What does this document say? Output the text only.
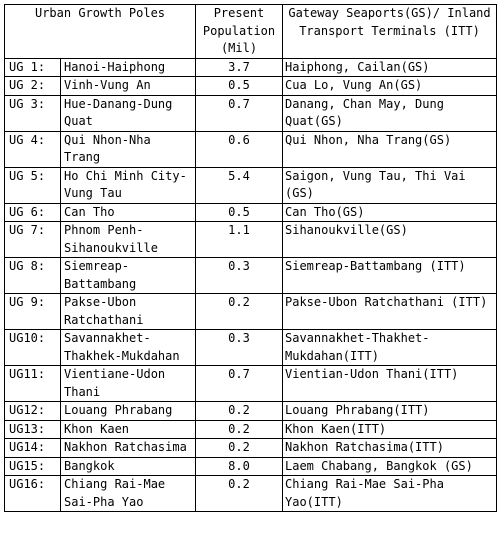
Urban Growth Poles	Present Population (Mil)	Gateway Seaports(GS)/ Inland Transport Terminals (ITT)

UG 1: Hanoi-Haiphong	3.7	Haiphong, Cailan(GS)

UG 2: Vinh-Vung An	0.5	Cua Lo, Vung An(GS)

UG 3: Hue-Danang-Dung Quat	0.7	Danang, Chan May, Dung Quat(GS)

UG 4: Qui Nhon-Nha Trang	0.6	Qui Nhon, Nha Trang(GS)

UG 5: Ho Chi Minh City-Vung Tau	5.4	Saigon, Vung Tau, Thi Vai (GS)

UG 6: Can Tho	0.5	Can Tho(GS)

UG 7: Phnom Penh-Sihanoukville	1.1	Sihanoukville(GS)

UG 8: Siemreap-Battambang	0.3	Siemreap-Battambang (ITT)

UG 9: Pakse-Ubon Ratchathani	0.2	Pakse-Ubon Ratchathani (ITT)

UG10: Savannakhet-Thakhek-Mukdahan	0.3	Savannakhet-Thakhet-Mukdahan(ITT)

UG11: Vientiane-Udon Thani	0.7	Vientian-Udon Thani(ITT)

UG12: Louang Phrabang	0.2	Louang Phrabang(ITT)

UG13: Khon Kaen	0.2	Khon Kaen(ITT)

UG14: Nakhon Ratchasima	0.2	Nakhon Ratchasima(ITT)

UG15: Bangkok	8.0	Laem Chabang, Bangkok (GS)

UG16: Chiang Rai-Mae Sai-Pha Yao	0.2	Chiang Rai-Mae Sai-Pha Yao(ITT)
